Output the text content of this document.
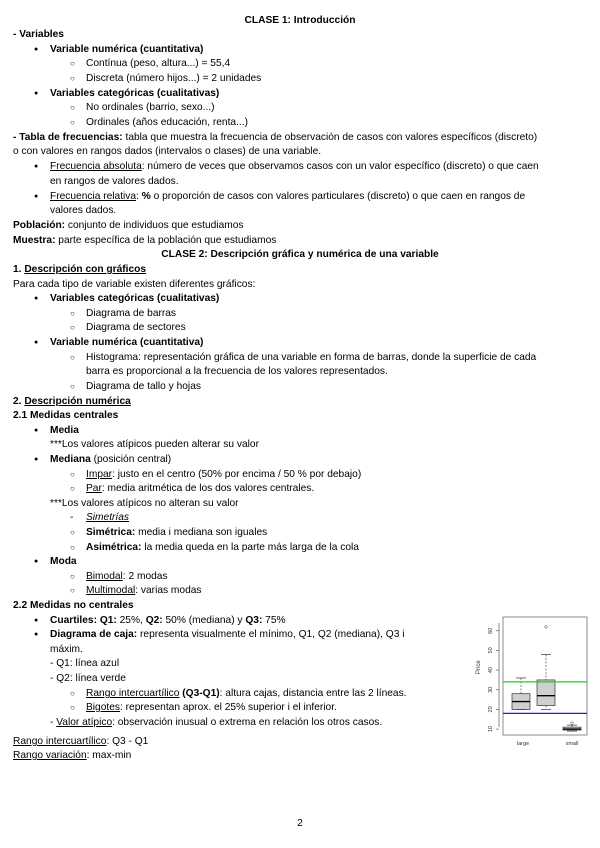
CLASE 1: Introducción
- Variables
● Variable numérica (cuantitativa)
○ Contínua (peso, altura...) = 55,4
○ Discreta (número hijos...) = 2 unidades
● Variables categóricas (cualitativas)
○ No ordinales (barrio, sexo...)
○ Ordinales (años educación, renta...)
- Tabla de frecuencias: tabla que muestra la frecuencia de observación de casos con valores específicos (discreto)
o con valores en rangos dados (intervalos o clases) de una variable.
● Frecuencia absoluta: número de veces que observamos casos con un valor específico (discreto) o que caen
en rangos de valores dados.
● Frecuencia relativa: % o proporción de casos con valores particulares (discreto) o que caen en rangos de
valores dados.
Población: conjunto de individuos que estudiamos
Muestra: parte específica de la población que estudiamos
CLASE 2: Descripción gráfica y numérica de una variable
1. Descripción con gráficos
Para cada tipo de variable existen diferentes gráficos:
● Variables categóricas (cualitativas)
○ Diagrama de barras
○ Diagrama de sectores
● Variable numérica (cuantitativa)
○ Histograma: representación gráfica de una variable en forma de barras, donde la superficie de cada
barra es proporcional a la frecuencia de los valores representados.
○ Diagrama de tallo y hojas
2. Descripción numérica
2.1 Medidas centrales
● Media
***Los valores atípicos pueden alterar su valor
● Mediana (posición central)
○ Impar: justo en el centro (50% por encima / 50 % por debajo)
○ Par: media aritmética de los dos valores centrales.
***Los valores atípicos no alteran su valor
- Simetrías
○ Simétrica: media i mediana son iguales
○ Asimétrica: la media queda en la parte más larga de la cola
● Moda
○ Bimodal: 2 modas
○ Multimodal: varias modas
2.2 Medidas no centrales
● Cuartiles: Q1: 25%, Q2: 50% (mediana) y Q3: 75%
● Diagrama de caja: representa visualmente el mínimo, Q1, Q2 (mediana), Q3 i
máxim.
- Q1: línea azul
- Q2: línea verde
○ Rango intercuartílico (Q3-Q1): altura cajas, distancia entre las 2 líneas.
○ Bigotes: representan aprox. el 25% superior i el inferior.
- Valor atípico: observación inusual o extrema en relación los otros casos.
Rango intercuartílico: Q3 - Q1
Rango variación: max-min
Price
10
20
30
40
50
60
large	small
2
